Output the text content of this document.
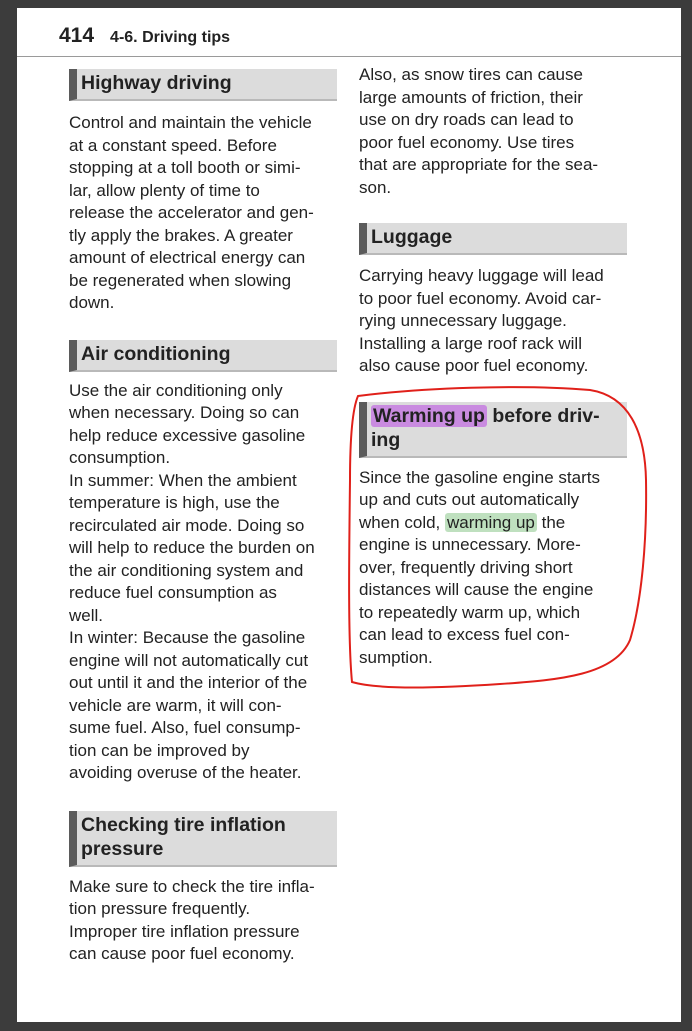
414 4-6. Driving tips
Highway driving
Control and maintain the vehicle
at a constant speed. Before
stopping at a toll booth or simi-
lar, allow plenty of time to
release the accelerator and gen-
tly apply the brakes. A greater
amount of electrical energy can
be regenerated when slowing
down.
Air conditioning
Use the air conditioning only
when necessary. Doing so can
help reduce excessive gasoline
consumption.
In summer: When the ambient
temperature is high, use the
recirculated air mode. Doing so
will help to reduce the burden on
the air conditioning system and
reduce fuel consumption as
well.
In winter: Because the gasoline
engine will not automatically cut
out until it and the interior of the
vehicle are warm, it will con-
sume fuel. Also, fuel consump-
tion can be improved by
avoiding overuse of the heater.
Checking tire inflation
pressure
Make sure to check the tire infla-
tion pressure frequently.
Improper tire inflation pressure
can cause poor fuel economy.
Also, as snow tires can cause
large amounts of friction, their
use on dry roads can lead to
poor fuel economy. Use tires
that are appropriate for the sea-
son.
Luggage
Carrying heavy luggage will lead
to poor fuel economy. Avoid car-
rying unnecessary luggage.
Installing a large roof rack will
also cause poor fuel economy.
Warming up before driv-
ing
Since the gasoline engine starts
up and cuts out automatically
when cold, warming up the
engine is unnecessary. More-
over, frequently driving short
distances will cause the engine
to repeatedly warm up, which
can lead to excess fuel con-
sumption.
